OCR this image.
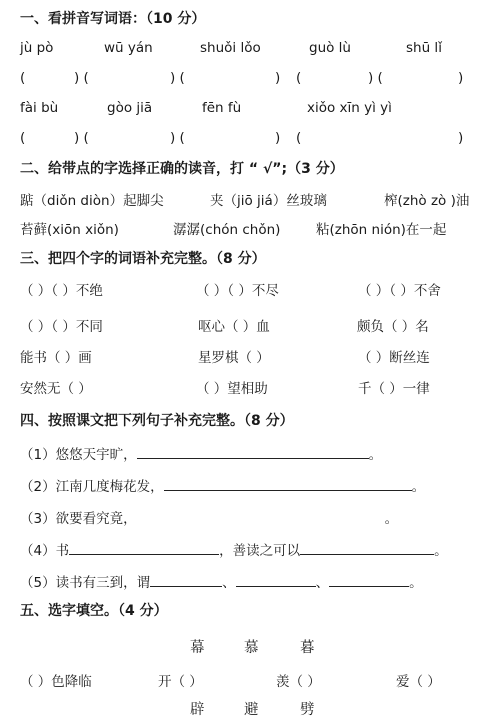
一、看拼音写词语：（10 分）
jù pò	wū yán	shuǒi lǒo	guò lù	shū lǐ
(	) (	) (	) (	) (	)
fài bù	gòo jiā	fēn fù	xiǒo xīn yì yì
(	) (	) (	) (	)
二、给带点的字选择正确的读音，打 “ √”;（3 分）
踮（diǒn diòn）起脚尖	夹（jiō jiá）丝玻璃	榨(zhò zò )油
苔藓(xiōn xiǒn)	潺潺(chón chǒn)	粘(zhōn nión)在一起
三、把四个字的词语补充完整。（8 分）
（ ）（ ）不绝	（ ）（ ）不尽	（ ）（ ）不舍
（ ）（ ）不同	呕心（ ）血	颇负（ ）名
能书（ ）画	星罗棋（ ）	（ ）断丝连
安然无（ ）	（ ）望相助	千（ ）一律
四、按照课文把下列句子补充完整。（8 分）
（1）悠悠天宇旷，	。
（2）江南几度梅花发，	。
（3）欲要看究竟，	。
（4）书	，善读之可以	。
（5）读书有三到，谓	、	、	。
五、选字填空。（4 分）
幕	慕	暮
（ ）色降临	开（ ）	羡（ ）	爱（ ）
辟	避	劈
